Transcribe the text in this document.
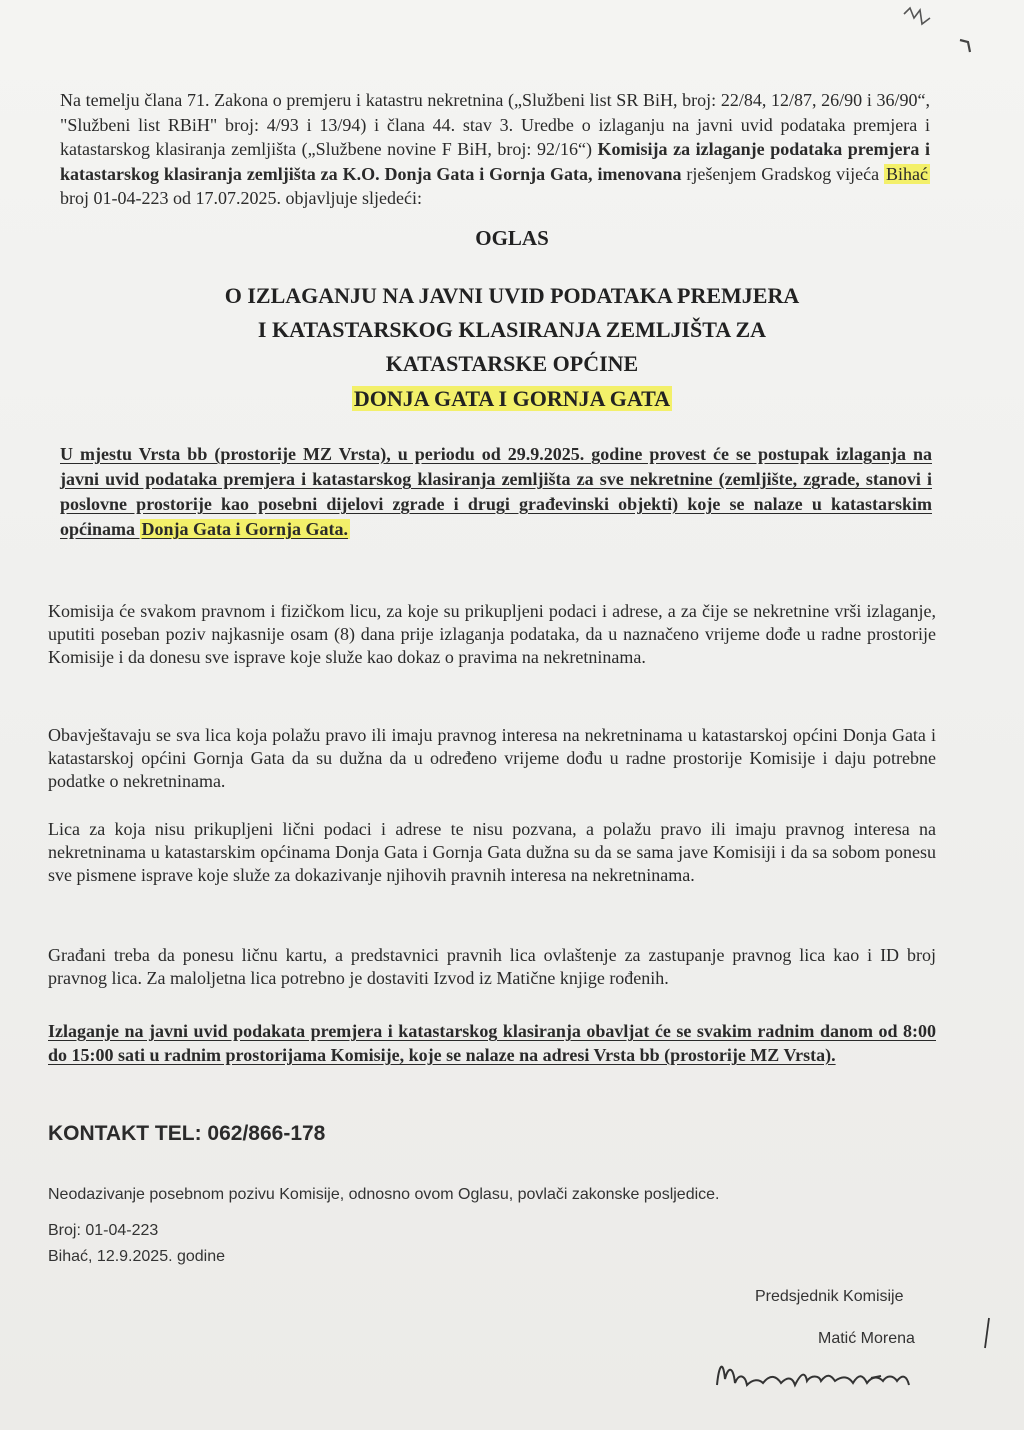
Na temelju člana 71. Zakona o premjeru i katastru nekretnina („Službeni list SR BiH, broj: 22/84, 12/87, 26/90 i 36/90“, "Službeni list RBiH" broj: 4/93 i 13/94) i člana 44. stav 3. Uredbe o izlaganju na javni uvid podataka premjera i katastarskog klasiranja zemljišta („Službene novine F BiH, broj: 92/16“) Komisija za izlaganje podataka premjera i katastarskog klasiranja zemljišta za K.O. Donja Gata i Gornja Gata, imenovana rješenjem Gradskog vijeća Bihać broj 01-04-223 od 17.07.2025. objavljuje sljedeći:

OGLAS

O IZLAGANJU NA JAVNI UVID PODATAKA PREMJERA

I KATASTARSKOG KLASIRANJA ZEMLJIŠTA ZA

KATASTARSKE OPĆINE

DONJA GATA I GORNJA GATA

U mjestu Vrsta bb (prostorije MZ Vrsta), u periodu od 29.9.2025. godine provest će se postupak izlaganja na javni uvid podataka premjera i katastarskog klasiranja zemljišta za sve nekretnine (zemljište, zgrade, stanovi i poslovne prostorije kao posebni dijelovi zgrade i drugi građevinski objekti) koje se nalaze u katastarskim općinama Donja Gata i Gornja Gata.

Komisija će svakom pravnom i fizičkom licu, za koje su prikupljeni podaci i adrese, a za čije se nekretnine vrši izlaganje, uputiti poseban poziv najkasnije osam (8) dana prije izlaganja podataka, da u naznačeno vrijeme dođe u radne prostorije Komisije i da donesu sve isprave koje služe kao dokaz o pravima na nekretninama.

Obavještavaju se sva lica koja polažu pravo ili imaju pravnog interesa na nekretninama u katastarskoj općini Donja Gata i katastarskoj općini Gornja Gata da su dužna da u određeno vrijeme dođu u radne prostorije Komisije i daju potrebne podatke o nekretninama.

Lica za koja nisu prikupljeni lični podaci i adrese te nisu pozvana, a polažu pravo ili imaju pravnog interesa na nekretninama u katastarskim općinama Donja Gata i Gornja Gata dužna su da se sama jave Komisiji i da sa sobom ponesu sve pismene isprave koje služe za dokazivanje njihovih pravnih interesa na nekretninama.

Građani treba da ponesu ličnu kartu, a predstavnici pravnih lica ovlaštenje za zastupanje pravnog lica kao i ID broj pravnog lica. Za maloljetna lica potrebno je dostaviti Izvod iz Matične knjige rođenih.

Izlaganje na javni uvid podakata premjera i katastarskog klasiranja obavljat će se svakim radnim danom od 8:00 do 15:00 sati u radnim prostorijama Komisije, koje se nalaze na adresi Vrsta bb (prostorije MZ Vrsta).

KONTAKT TEL: 062/866-178

Neodazivanje posebnom pozivu Komisije, odnosno ovom Oglasu, povlači zakonske posljedice.

Broj: 01-04-223

Bihać, 12.9.2025. godine

Predsjednik Komisije

Matić Morena
